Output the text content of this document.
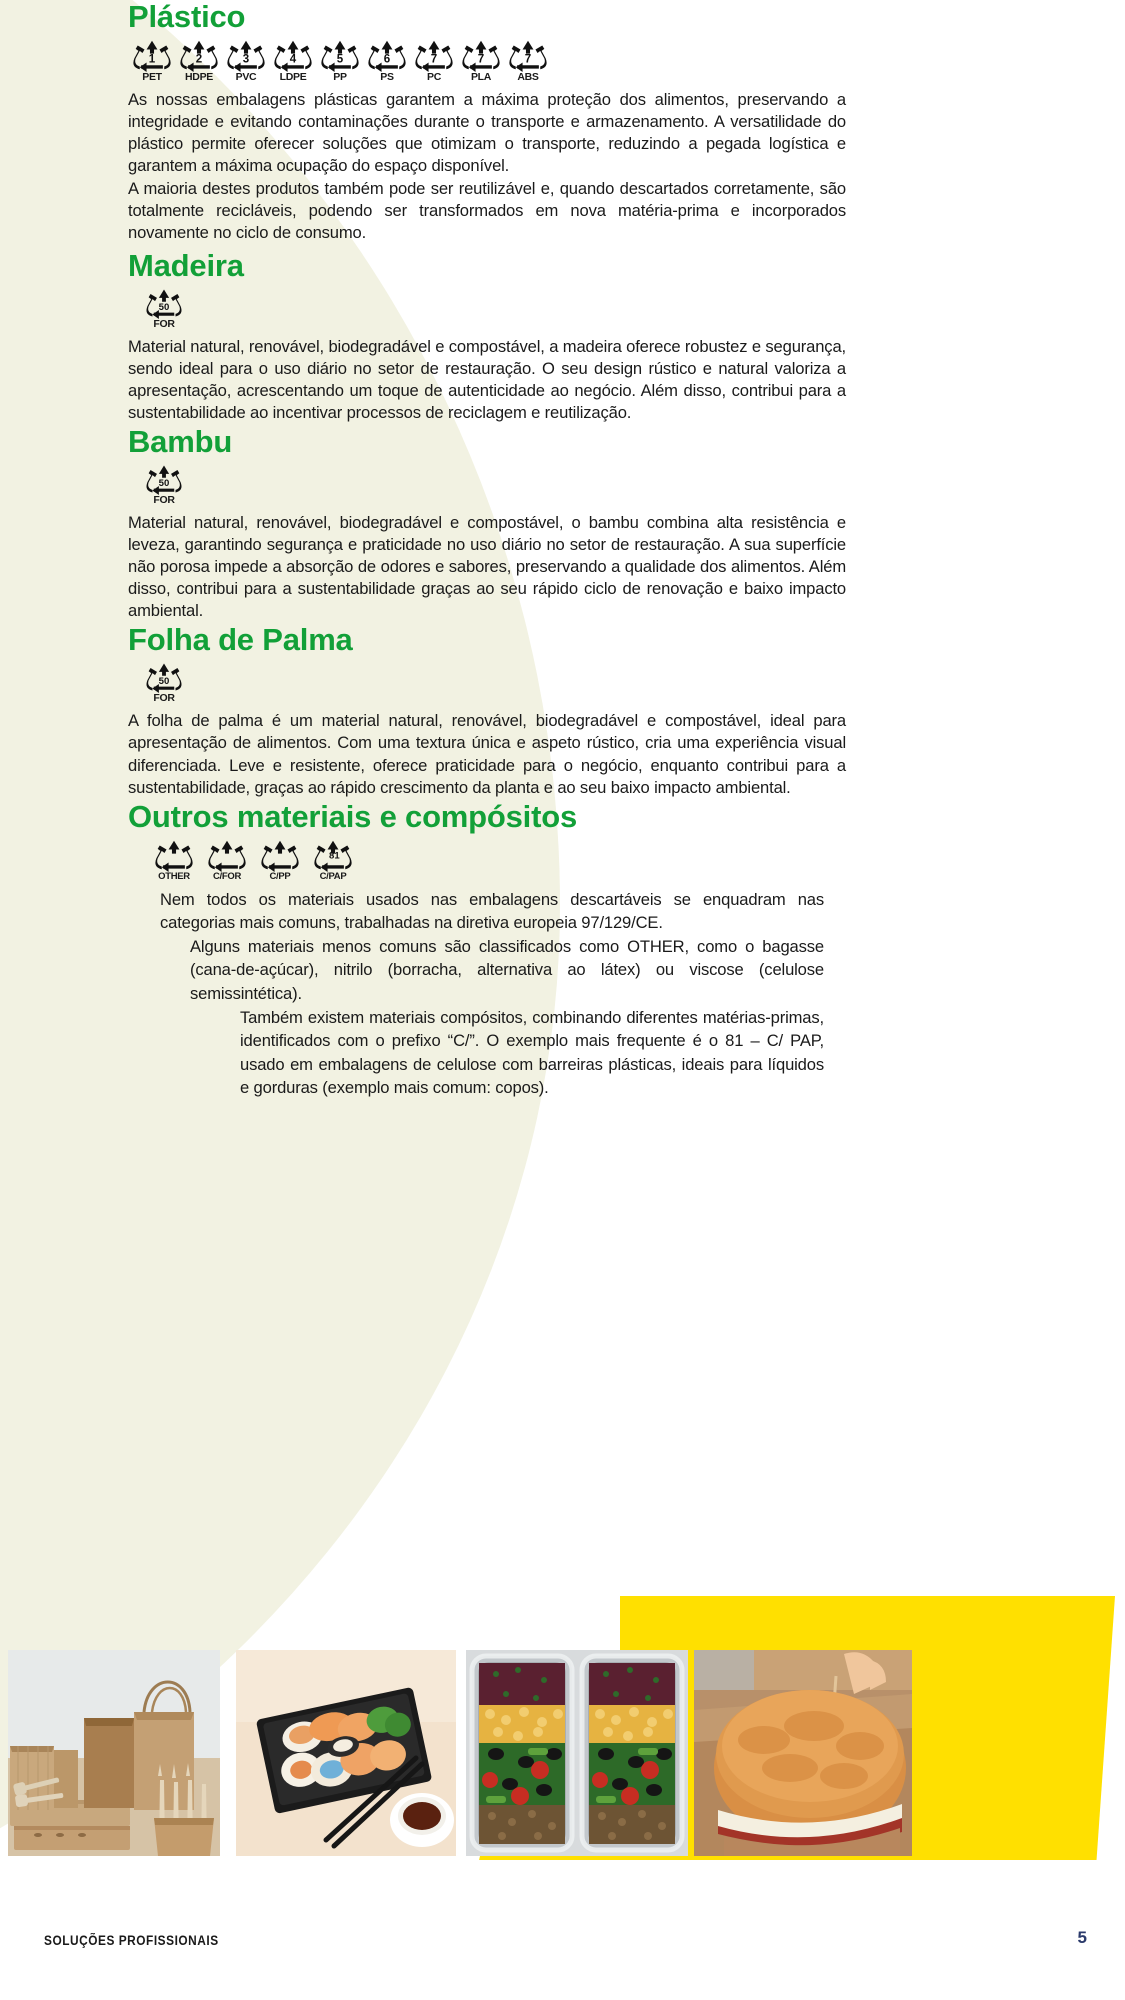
Plástico
1
PET
2
HDPE
3
PVC
4
LDPE
5
PP
6
PS
7
PC
7
PLA
7
ABS

As nossas embalagens plásticas garantem a máxima proteção dos alimentos, preservando a integridade e evitando contaminações durante o transporte e armazenamento. A versatilidade do plástico permite oferecer soluções que otimizam o transporte, reduzindo a pegada logística e garantem a máxima ocupação do espaço disponível.

A maioria destes produtos também pode ser reutilizável e, quando descartados corretamente, são totalmente recicláveis, podendo ser transformados em nova matéria-prima e incorporados novamente no ciclo de consumo.

Madeira
50
FOR

Material natural, renovável, biodegradável e compostável, a madeira oferece robustez e segurança, sendo ideal para o uso diário no setor de restauração. O seu design rústico e natural valoriza a apresentação, acrescentando um toque de autenticidade ao negócio. Além disso, contribui para a sustentabilidade ao incentivar processos de reciclagem e reutilização.

Bambu
50
FOR

Material natural, renovável, biodegradável e compostável, o bambu combina alta resistência e leveza, garantindo segurança e praticidade no uso diário no setor de restauração. A sua superfície não porosa impede a absorção de odores e sabores, preservando a qualidade dos alimentos. Além disso, contribui para a sustentabilidade graças ao seu rápido ciclo de renovação e baixo impacto ambiental.

Folha de Palma
50
FOR

A folha de palma é um material natural, renovável, biodegradável e compostável, ideal para apresentação de alimentos. Com uma textura única e aspeto rústico, cria uma experiência visual diferenciada. Leve e resistente, oferece praticidade para o negócio, enquanto contribui para a sustentabilidade, graças ao rápido crescimento da planta e ao seu baixo impacto ambiental.

Outros materiais e compósitos
OTHER C/FOR	C/PP
81
C/PAP

Nem todos os materiais usados nas embalagens descartáveis se enquadram nas categorias mais comuns, trabalhadas na diretiva europeia 97/129/CE.

Alguns materiais menos comuns são classificados como OTHER, como o bagasse (cana-de-açúcar), nitrilo (borracha, alternativa ao látex) ou viscose (celulose semissintética).

Também existem materiais compósitos, combinando diferentes matérias-primas, identificados com o prefixo “C/”. O exemplo mais frequente é o 81 – C/ PAP, usado em embalagens de celulose com barreiras plásticas, ideais para líquidos e gorduras (exemplo mais comum: copos).

SOLUÇÕES PROFISSIONAIS	5
